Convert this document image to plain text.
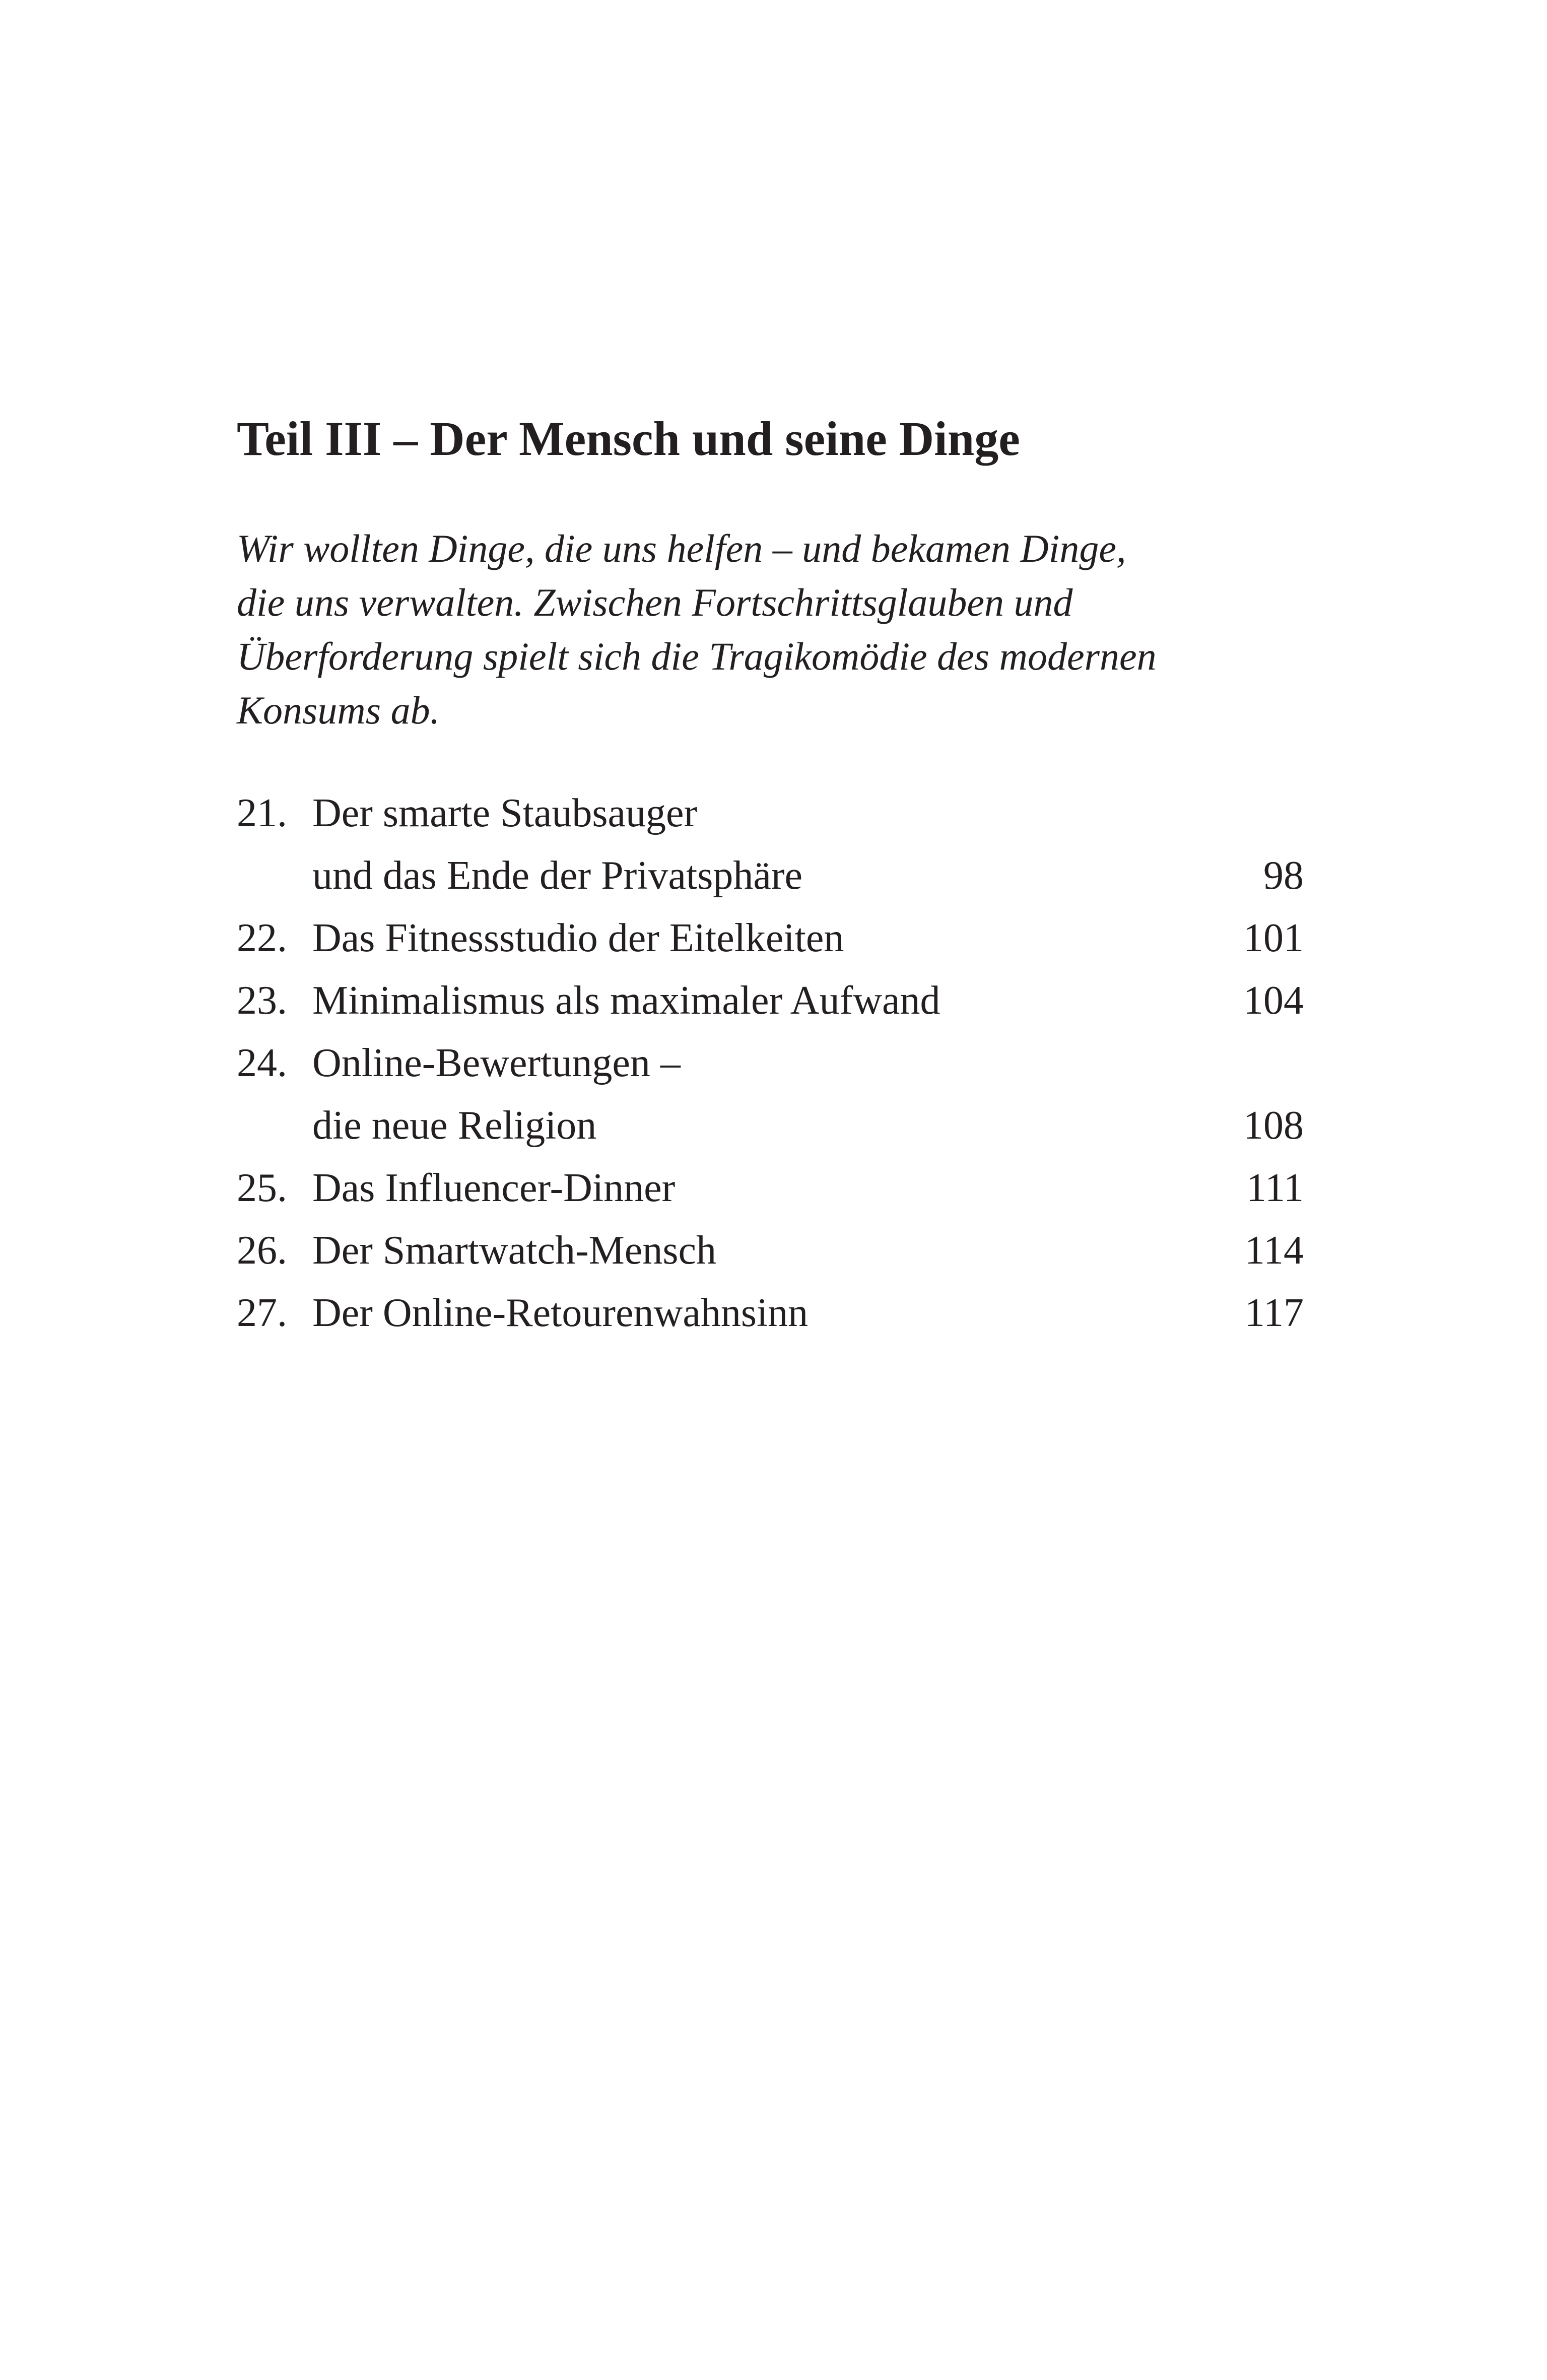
Teil III – Der Mensch und seine Dinge
Wir wollten Dinge, die uns helfen – und bekamen Dinge,
die uns verwalten. Zwischen Fortschrittsglauben und
Überforderung spielt sich die Tragikomödie des modernen
Konsums ab.
21. Der smarte Staubsauger
und das Ende der Privatsphäre	98
22. Das Fitnessstudio der Eitelkeiten	101
23. Minimalismus als maximaler Aufwand	104
24. Online-Bewertungen –
die neue Religion	108
25. Das Influencer-Dinner	111
26. Der Smartwatch-Mensch	114
27. Der Online-Retourenwahnsinn	117
